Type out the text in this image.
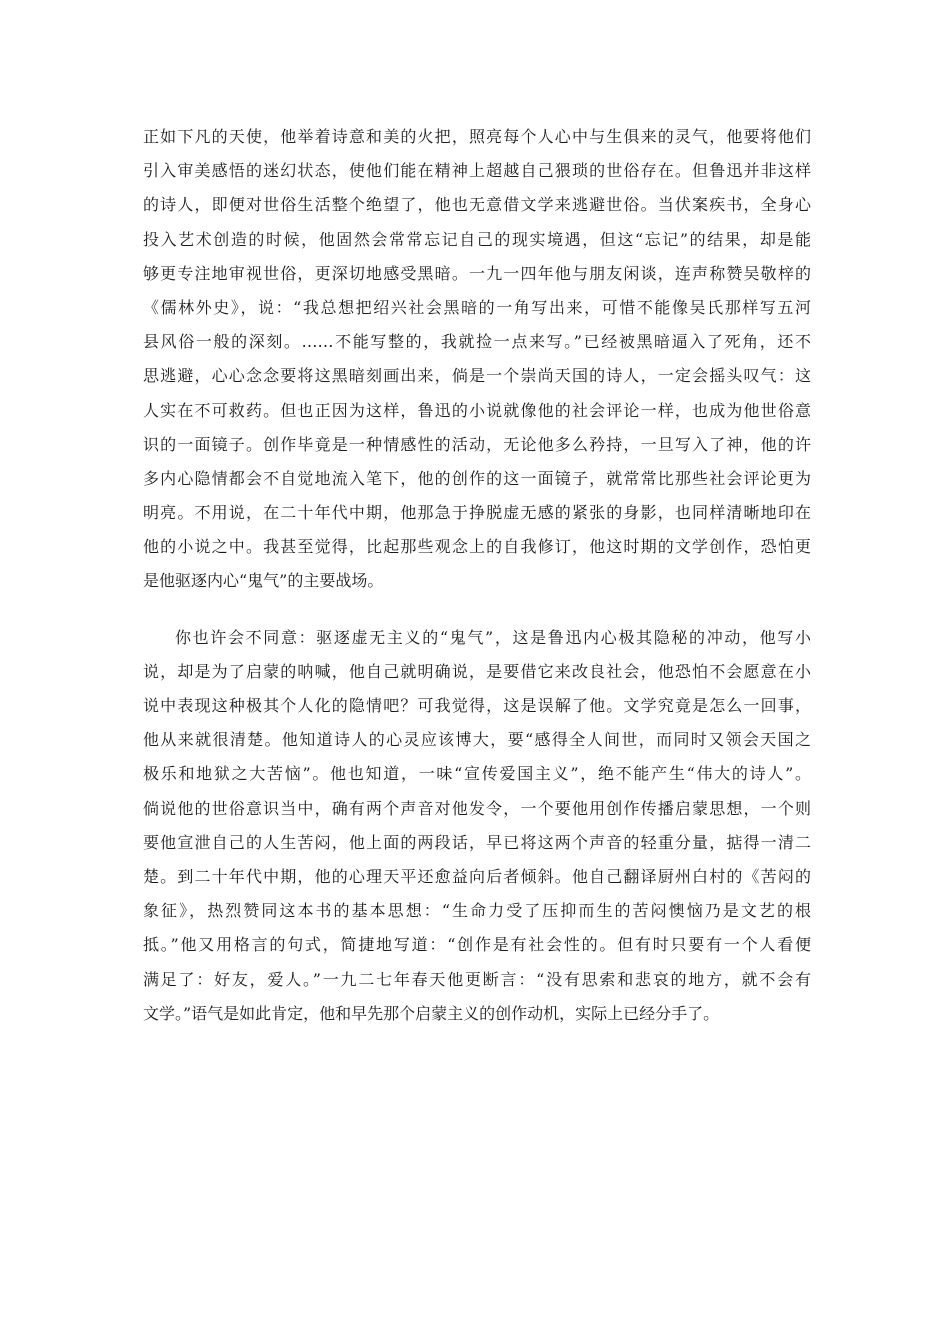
正如下凡的天使，他举着诗意和美的火把，照亮每个人心中与生俱来的灵气，他要将他们
引入审美感悟的迷幻状态，使他们能在精神上超越自己猥琐的世俗存在。但鲁迅并非这样
的诗人，即便对世俗生活整个绝望了，他也无意借文学来逃避世俗。当伏案疾书，全身心
投入艺术创造的时候，他固然会常常忘记自己的现实境遇，但这“忘记”的结果，却是能
够更专注地审视世俗，更深切地感受黑暗。一九一四年他与朋友闲谈，连声称赞吴敬梓的
《儒林外史》，说：“我总想把绍兴社会黑暗的一角写出来，可惜不能像吴氏那样写五河
县风俗一般的深刻。……不能写整的，我就捡一点来写。”已经被黑暗逼入了死角，还不
思逃避，心心念念要将这黑暗刻画出来，倘是一个崇尚天国的诗人，一定会摇头叹气：这
人实在不可救药。但也正因为这样，鲁迅的小说就像他的社会评论一样，也成为他世俗意
识的一面镜子。创作毕竟是一种情感性的活动，无论他多么矜持，一旦写入了神，他的许
多内心隐情都会不自觉地流入笔下，他的创作的这一面镜子，就常常比那些社会评论更为
明亮。不用说，在二十年代中期，他那急于挣脱虚无感的紧张的身影，也同样清晰地印在
他的小说之中。我甚至觉得，比起那些观念上的自我修订，他这时期的文学创作，恐怕更
是他驱逐内心“鬼气”的主要战场。
你也许会不同意：驱逐虚无主义的“鬼气”，这是鲁迅内心极其隐秘的冲动，他写小
说，却是为了启蒙的呐喊，他自己就明确说，是要借它来改良社会，他恐怕不会愿意在小
说中表现这种极其个人化的隐情吧？可我觉得，这是误解了他。文学究竟是怎么一回事，
他从来就很清楚。他知道诗人的心灵应该博大，要“感得全人间世，而同时又领会天国之
极乐和地狱之大苦恼”。他也知道，一味“宣传爱国主义”，绝不能产生“伟大的诗人”。
倘说他的世俗意识当中，确有两个声音对他发令，一个要他用创作传播启蒙思想，一个则
要他宣泄自己的人生苦闷，他上面的两段话，早已将这两个声音的轻重分量，掂得一清二
楚。到二十年代中期，他的心理天平还愈益向后者倾斜。他自己翻译厨州白村的《苦闷的
象征》，热烈赞同这本书的基本思想：“生命力受了压抑而生的苦闷懊恼乃是文艺的根
抵。”他又用格言的句式，简捷地写道：“创作是有社会性的。但有时只要有一个人看便
满足了：好友，爱人。”一九二七年春天他更断言：“没有思索和悲哀的地方，就不会有
文学。”语气是如此肯定，他和早先那个启蒙主义的创作动机，实际上已经分手了。
